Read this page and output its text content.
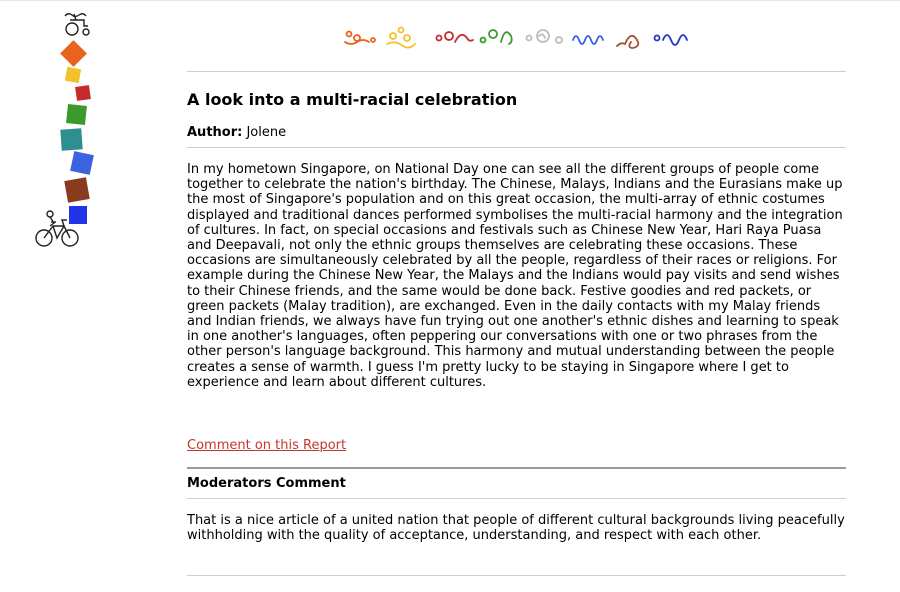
A look into a multi-racial celebration
Author: Jolene

In my hometown Singapore, on National Day one can see all the different groups of people come together to celebrate the nation's birthday. The Chinese, Malays, Indians and the Eurasians make up the most of Singapore's population and on this great occasion, the multi-array of ethnic costumes displayed and traditional dances performed symbolises the multi-racial harmony and the integration of cultures. In fact, on special occasions and festivals such as Chinese New Year, Hari Raya Puasa and Deepavali, not only the ethnic groups themselves are celebrating these occasions. These occasions are simultaneously celebrated by all the people, regardless of their races or religions. For example during the Chinese New Year, the Malays and the Indians would pay visits and send wishes to their Chinese friends, and the same would be done back. Festive goodies and red packets, or green packets (Malay tradition), are exchanged. Even in the daily contacts with my Malay friends and Indian friends, we always have fun trying out one another's ethnic dishes and learning to speak in one another's languages, often peppering our conversations with one or two phrases from the other person's language background. This harmony and mutual understanding between the people creates a sense of warmth. I guess I'm pretty lucky to be staying in Singapore where I get to experience and learn about different cultures.

Comment on this Report
Moderators Comment

That is a nice article of a united nation that people of different cultural backgrounds living peacefully withholding with the quality of acceptance, understanding, and respect with each other.
